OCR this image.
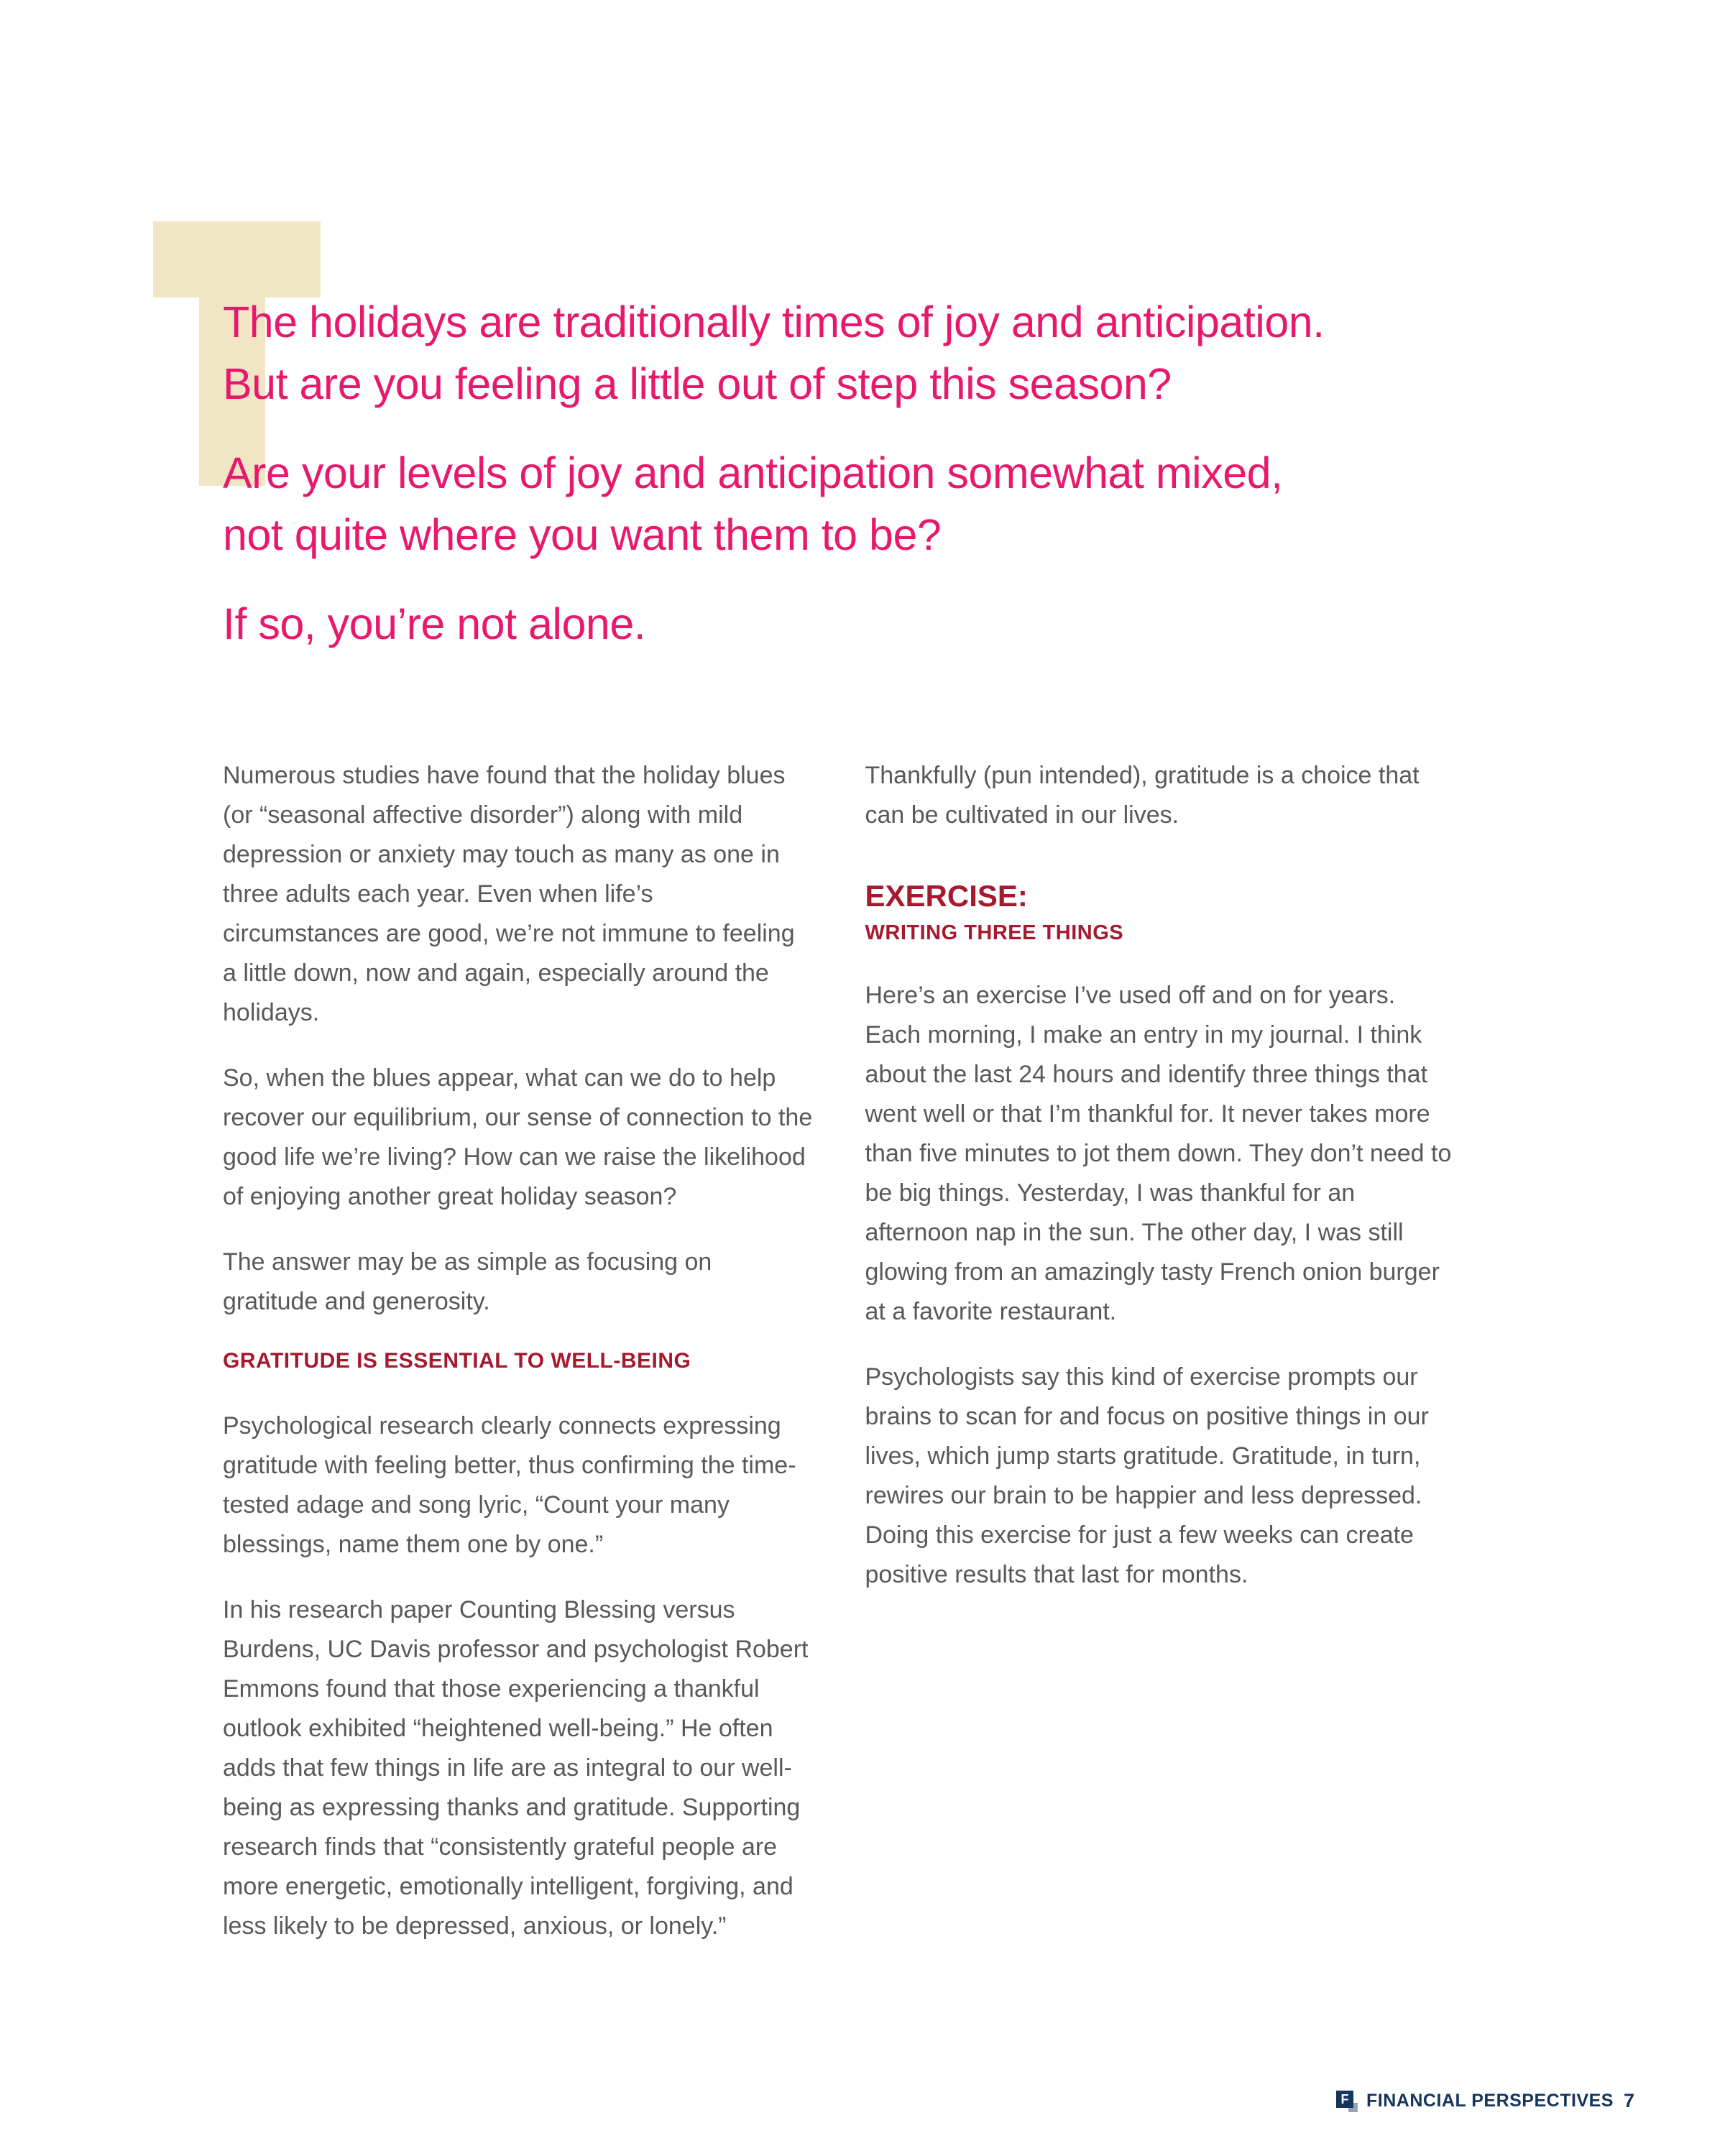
The holidays are traditionally times of joy and anticipation.
But are you feeling a little out of step this season?
Are your levels of joy and anticipation somewhat mixed,
not quite where you want them to be?
If so, you’re not alone.

Numerous studies have found that the holiday blues (or “seasonal affective disorder”) along with mild depression or anxiety may touch as many as one in three adults each year. Even when life’s circumstances are good, we’re not immune to feeling a little down, now and again, especially around the holidays.

So, when the blues appear, what can we do to help recover our equilibrium, our sense of connection to the good life we’re living? How can we raise the likelihood of enjoying another great holiday season?

The answer may be as simple as focusing on gratitude and generosity.

GRATITUDE IS ESSENTIAL TO WELL-BEING

Psychological research clearly connects expressing gratitude with feeling better, thus confirming the time-tested adage and song lyric, “Count your many blessings, name them one by one.”

In his research paper Counting Blessing versus Burdens, UC Davis professor and psychologist Robert Emmons found that those experiencing a thankful outlook exhibited “heightened well-being.” He often adds that few things in life are as integral to our well-being as expressing thanks and gratitude. Supporting research finds that “consistently grateful people are more energetic, emotionally intelligent, forgiving, and less likely to be depressed, anxious, or lonely.”

Thankfully (pun intended), gratitude is a choice that can be cultivated in our lives.

EXERCISE:
WRITING THREE THINGS

Here’s an exercise I’ve used off and on for years. Each morning, I make an entry in my journal. I think about the last 24 hours and identify three things that went well or that I’m thankful for. It never takes more than five minutes to jot them down. They don’t need to be big things. Yesterday, I was thankful for an afternoon nap in the sun. The other day, I was still glowing from an amazingly tasty French onion burger at a favorite restaurant.

Psychologists say this kind of exercise prompts our brains to scan for and focus on positive things in our lives, which jump starts gratitude. Gratitude, in turn, rewires our brain to be happier and less depressed. Doing this exercise for just a few weeks can create positive results that last for months.

F FINANCIAL PERSPECTIVES 7
